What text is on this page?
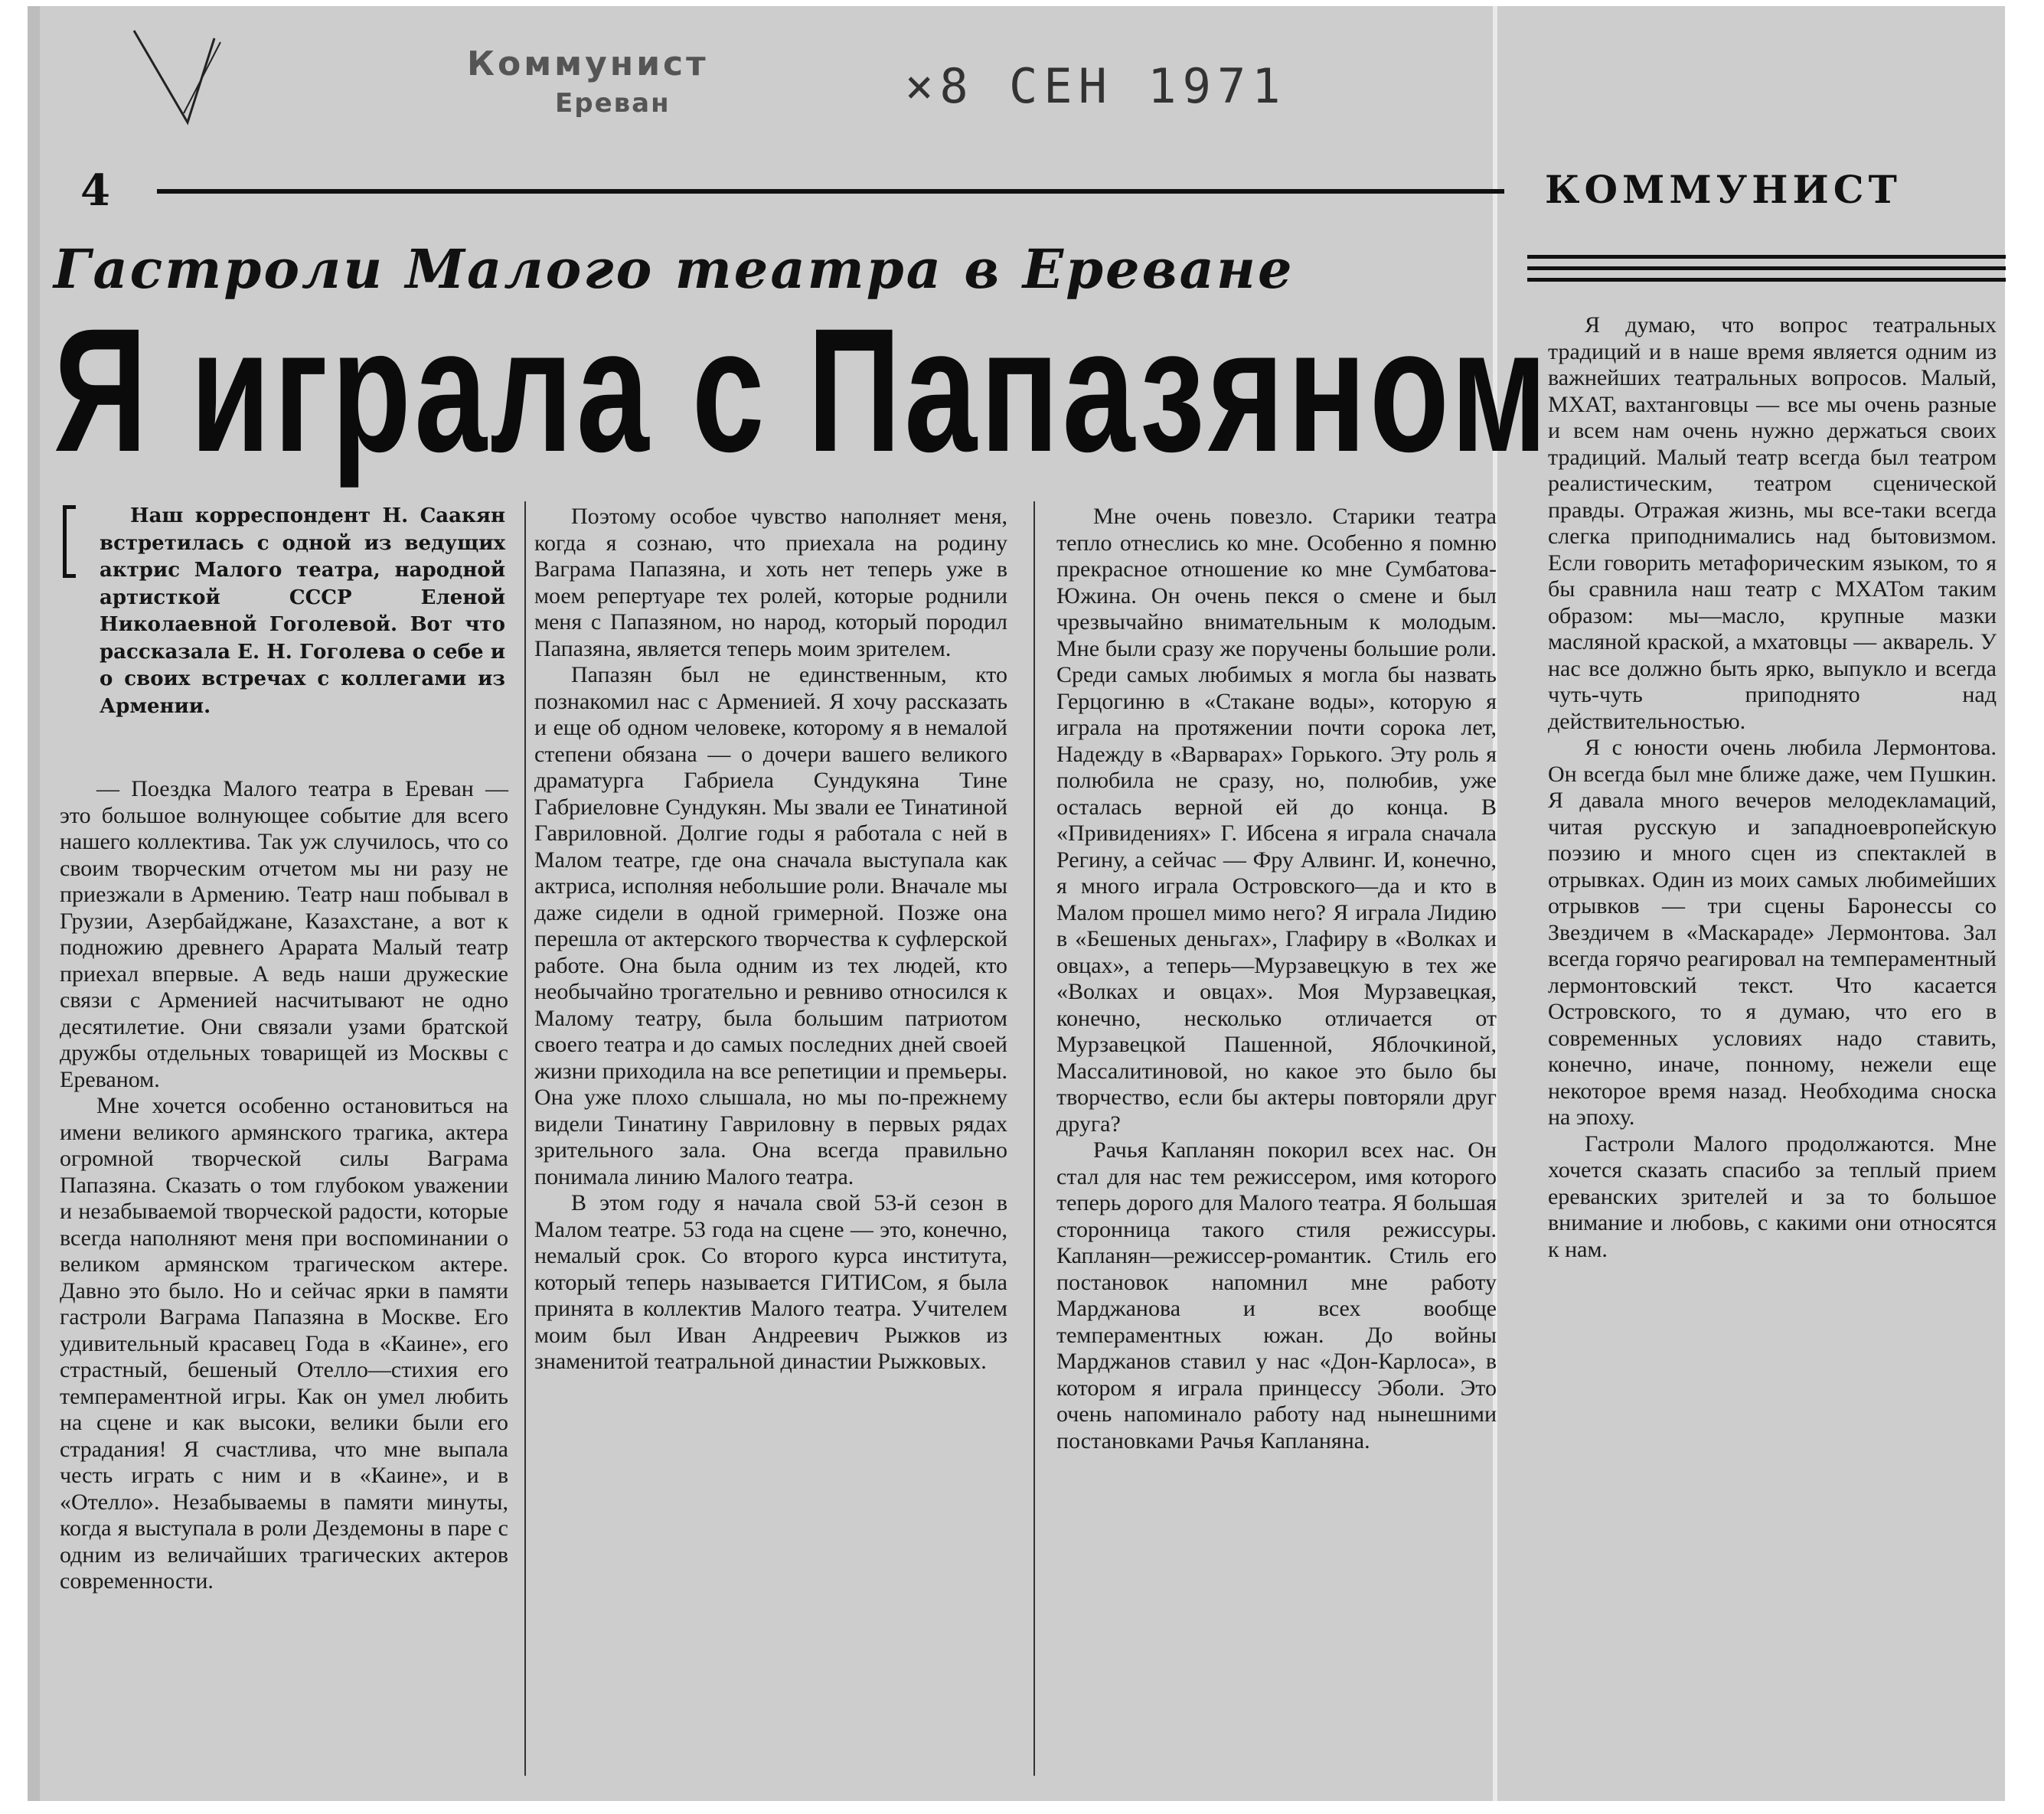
Коммунист
Ереван	×8 СЕН 1971
4	КОММУНИСТ
Гастроли Малого театра в Ереване
Я играла с Папазяном

Наш корреспондент Н. Саакян встретилась с одной из ведущих актрис Малого театра, народной артисткой СССР Еленой Николаевной Гоголевой. Вот что рассказала Е. Н. Гоголева о себе и о своих встречах с коллегами из Армении.

— Поездка Малого театра в Ереван — это большое волнующее событие для всего нашего коллектива. Так уж случилось, что со своим творческим отчетом мы ни разу не приезжали в Армению. Театр наш побывал в Грузии, Азербайджане, Казахстане, а вот к подножию древнего Арарата Малый театр приехал впервые. А ведь наши дружеские связи с Арменией насчитывают не одно десятилетие. Они связали узами братской дружбы отдельных товарищей из Москвы с Ереваном.

Мне хочется особенно остановиться на имени великого армянского трагика, актера огромной творческой силы Ваграма Папазяна. Сказать о том глубоком уважении и незабываемой творческой радости, которые всегда наполняют меня при воспоминании о великом армянском трагическом актере. Давно это было. Но и сейчас ярки в памяти гастроли Ваграма Папазяна в Москве. Его удивительный красавец Года в «Каине», его страстный, бешеный Отелло—стихия его темпераментной игры. Как он умел любить на сцене и как высоки, велики были его страдания! Я счастлива, что мне выпала честь играть с ним и в «Каине», и в «Отелло». Незабываемы в памяти минуты, когда я выступала в роли Дездемоны в паре с одним из величайших трагических актеров современности.

Поэтому особое чувство наполняет меня, когда я сознаю, что приехала на родину Ваграма Папазяна, и хоть нет теперь уже в моем репертуаре тех ролей, которые роднили меня с Папазяном, но народ, который породил Папазяна, является теперь моим зрителем.

Папазян был не единственным, кто познакомил нас с Арменией. Я хочу рассказать и еще об одном человеке, которому я в немалой степени обязана — о дочери вашего великого драматурга Габриела Сундукяна Тине Габриеловне Сундукян. Мы звали ее Тинатиной Гавриловной. Долгие годы я работала с ней в Малом театре, где она сначала выступала как актриса, исполняя небольшие роли. Вначале мы даже сидели в одной гримерной. Позже она перешла от актерского творчества к суфлерской работе. Она была одним из тех людей, кто необычайно трогательно и ревниво относился к Малому театру, была большим патриотом своего театра и до самых последних дней своей жизни приходила на все репетиции и премьеры. Она уже плохо слышала, но мы по-прежнему видели Тинатину Гавриловну в первых рядах зрительного зала. Она всегда правильно понимала линию Малого театра.

В этом году я начала свой 53-й сезон в Малом театре. 53 года на сцене — это, конечно, немалый срок. Со второго курса института, который теперь называется ГИТИСом, я была принята в коллектив Малого театра. Учителем моим был Иван Андреевич Рыжков из знаменитой театральной династии Рыжковых.

Мне очень повезло. Старики театра тепло отнеслись ко мне. Особенно я помню прекрасное отношение ко мне Сумбатова-Южина. Он очень пекся о смене и был чрезвычайно внимательным к молодым. Мне были сразу же поручены большие роли. Среди самых любимых я могла бы назвать Герцогиню в «Стакане воды», которую я играла на протяжении почти сорока лет, Надежду в «Варварах» Горького. Эту роль я полюбила не сразу, но, полюбив, уже осталась верной ей до конца. В «Привидениях» Г. Ибсена я играла сначала Регину, а сейчас — Фру Алвинг. И, конечно, я много играла Островского—да и кто в Малом прошел мимо него? Я играла Лидию в «Бешеных деньгах», Глафиру в «Волках и овцах», а теперь—Мурзавецкую в тех же «Волках и овцах». Моя Мурзавецкая, конечно, несколько отличается от Мурзавецкой Пашенной, Яблочкиной, Массалитиновой, но какое это было бы творчество, если бы актеры повторяли друг друга?

Рачья Капланян покорил всех нас. Он стал для нас тем режиссером, имя которого теперь дорого для Малого театра. Я большая сторонница такого стиля режиссуры. Капланян—режиссер-романтик. Стиль его постановок напомнил мне работу Марджанова и всех вообще темпераментных южан. До войны Марджанов ставил у нас «Дон-Карлоса», в котором я играла принцессу Эболи. Это очень напоминало работу над нынешними постановками Рачья Капланяна.

Я думаю, что вопрос театральных традиций и в наше время является одним из важнейших театральных вопросов. Малый, МХАТ, вахтанговцы — все мы очень разные и всем нам очень нужно держаться своих традиций. Малый театр всегда был театром реалистическим, театром сценической правды. Отражая жизнь, мы все-таки всегда слегка приподнимались над бытовизмом. Если говорить метафорическим языком, то я бы сравнила наш театр с МХАТом таким образом: мы—масло, крупные мазки масляной краской, а мхатовцы — акварель. У нас все должно быть ярко, выпукло и всегда чуть-чуть приподнято над действительностью.

Я с юности очень любила Лермонтова. Он всегда был мне ближе даже, чем Пушкин. Я давала много вечеров мелодекламаций, читая русскую и западноевропейскую поэзию и много сцен из спектаклей в отрывках. Один из моих самых любимейших отрывков — три сцены Баронессы со Звездичем в «Маскараде» Лермонтова. Зал всегда горячо реагировал на темпераментный лермонтовский текст. Что касается Островского, то я думаю, что его в современных условиях надо ставить, конечно, иначе, понному, нежели еще некоторое время назад. Необходима сноска на эпоху.

Гастроли Малого продолжаются. Мне хочется сказать спасибо за теплый прием ереванских зрителей и за то большое внимание и любовь, с какими они относятся к нам.
